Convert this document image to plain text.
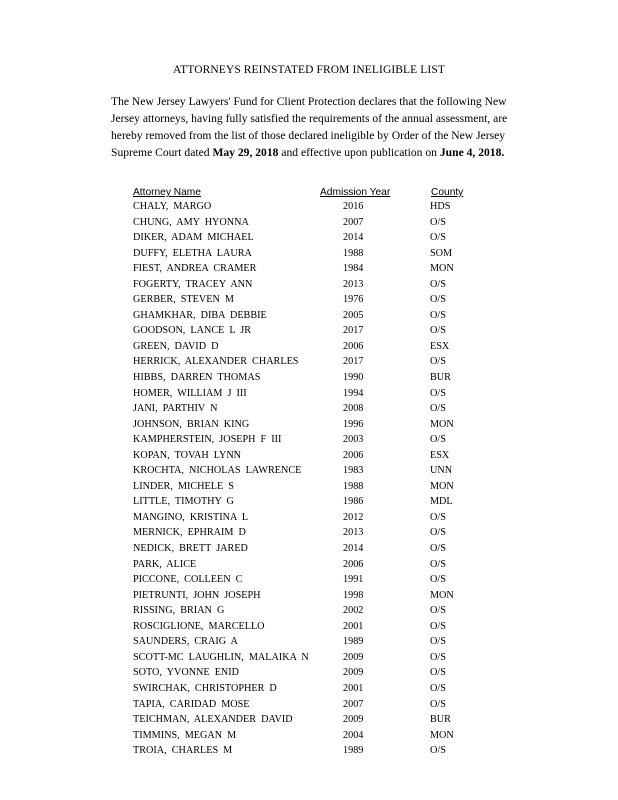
ATTORNEYS REINSTATED FROM INELIGIBLE LIST
The New Jersey Lawyers' Fund for Client Protection declares that the following New Jersey attorneys, having fully satisfied the requirements of the annual assessment, are hereby removed from the list of those declared ineligible by Order of the New Jersey Supreme Court dated May 29, 2018 and effective upon publication on June 4, 2018.
Attorney Name	Admission Year	County
CHALY, MARGO	2016	HDS
CHUNG, AMY HYONNA	2007	O/S
DIKER, ADAM MICHAEL	2014	O/S
DUFFY, ELETHA LAURA	1988	SOM
FIEST, ANDREA CRAMER	1984	MON
FOGERTY, TRACEY ANN	2013	O/S
GERBER, STEVEN M	1976	O/S
GHAMKHAR, DIBA DEBBIE	2005	O/S
GOODSON, LANCE L JR	2017	O/S
GREEN, DAVID D	2006	ESX
HERRICK, ALEXANDER CHARLES	2017	O/S
HIBBS, DARREN THOMAS	1990	BUR
HOMER, WILLIAM J III	1994	O/S
JANI, PARTHIV N	2008	O/S
JOHNSON, BRIAN KING	1996	MON
KAMPHERSTEIN, JOSEPH F III	2003	O/S
KOPAN, TOVAH LYNN	2006	ESX
KROCHTA, NICHOLAS LAWRENCE	1983	UNN
LINDER, MICHELE S	1988	MON
LITTLE, TIMOTHY G	1986	MDL
MANGINO, KRISTINA L	2012	O/S
MERNICK, EPHRAIM D	2013	O/S
NEDICK, BRETT JARED	2014	O/S
PARK, ALICE	2006	O/S
PICCONE, COLLEEN C	1991	O/S
PIETRUNTI, JOHN JOSEPH	1998	MON
RISSING, BRIAN G	2002	O/S
ROSCIGLIONE, MARCELLO	2001	O/S
SAUNDERS, CRAIG A	1989	O/S
SCOTT-MC LAUGHLIN, MALAIKA N	2009	O/S
SOTO, YVONNE ENID	2009	O/S
SWIRCHAK, CHRISTOPHER D	2001	O/S
TAPIA, CARIDAD MOSE	2007	O/S
TEICHMAN, ALEXANDER DAVID	2009	BUR
TIMMINS, MEGAN M	2004	MON
TROIA, CHARLES M	1989	O/S
